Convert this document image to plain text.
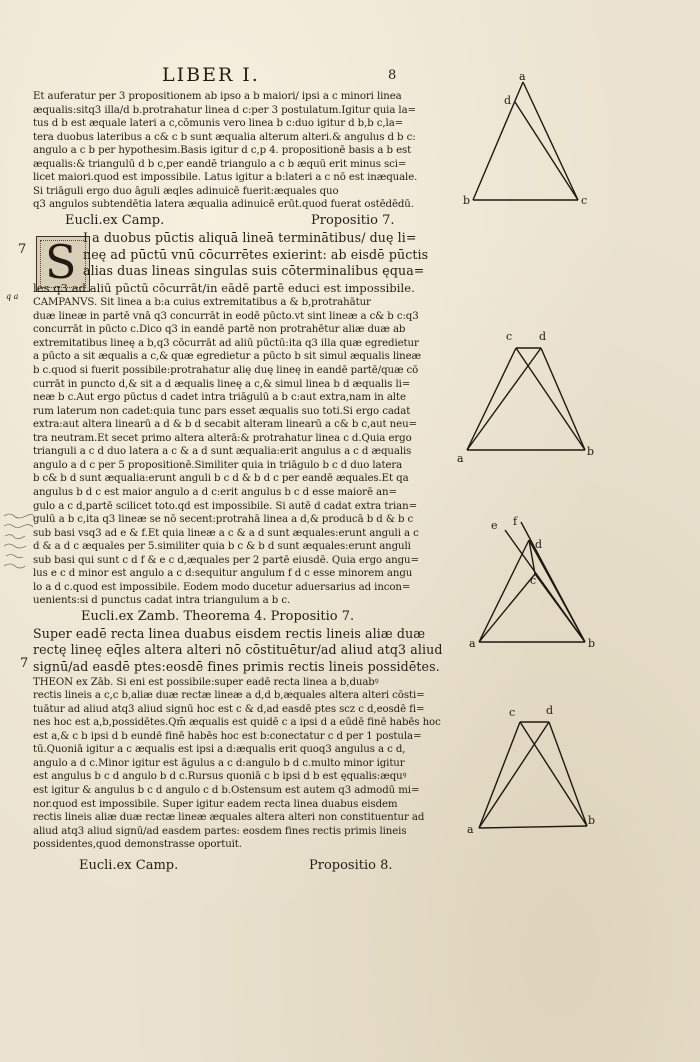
LIBER I.	8
7
7
q a
S
Et auferatur per 3 propositionem ab ipso a b maiori/ ipsi a c minori linea
æqualis:sitq3 illa/d b.protrahatur linea d c:per 3 postulatum.Igitur quia la=
tus d b est æquale lateri a c,cōmunis vero linea b c:duo igitur d b,b c,la=
tera duobus lateribus a c& c b sunt æqualia alterum alteri.& angulus d b c:
angulo a c b per hypothesim.Basis igitur d c,p 4. propositionē basis a b est
æqualis:& triangulū d b c,per eandē triangulo a c b æquū erit minus sci=
licet maiori.quod est impossibile. Latus igitur a b:lateri a c nō est inæquale.
Si triāguli ergo duo āguli æqles adinuicē fuerit:æquales quo
q3 angulos subtendētia latera æqualia adinuicē erūt.quod fuerat ostēdēdū.
Eucli.ex Camp.	Propositio 7.
I a duobus pūctis aliquā lineā terminātibus/ duę li=
neę ad pūctū vnū cōcurrētes exierint: ab eisdē pūctis
alias duas lineas singulas suis cōterminalibus ęqua=
les q3 ad aliū pūctū cōcurrāt/in eādē partē educi est impossibile.
CAMPANVS. Sit linea a b:a cuius extremitatibus a & b,protrahātur
duæ lineæ in partē vnā q3 concurrāt in eodē pūcto.vt sint lineæ a c& b c:q3
concurrāt in pūcto c.Dico q3 in eandē partē non protrahētur aliæ duæ ab
extremitatibus lineę a b,q3 cōcurrāt ad aliū pūctū:ita q3 illa quæ egredietur
a pūcto a sit æqualis a c,& quæ egredietur a pūcto b sit simul æqualis lineæ
b c.quod si fuerit possibile:protrahatur alię duę lineę in eandē partē/quæ cō
currāt in puncto d,& sit a d æqualis lineę a c,& simul linea b d æqualis li=
neæ b c.Aut ergo pūctus d cadet intra triāgulū a b c:aut extra,nam in alte
rum laterum non cadet:quia tunc pars esset æqualis suo toti.Si ergo cadat
extra:aut altera linearū a d & b d secabit alteram linearū a c& b c,aut neu=
tra neutram.Et secet primo altera alterā:& protrahatur linea c d.Quia ergo
trianguli a c d duo latera a c & a d sunt æqualia:erit angulus a c d æqualis
angulo a d c per 5 propositionē.Similiter quia in triāgulo b c d duo latera
b c& b d sunt æqualia:erunt anguli b c d & b d c per eandē æquales.Et qa
angulus b d c est maior angulo a d c:erit angulus b c d esse maiorē an=
gulo a c d,partē scilicet toto.qd est impossibile. Si autē d cadat extra trian=
gulū a b c,ita q3 lineæ se nō secent:protrahā linea a d,& producā b d & b c
sub basi vsq3 ad e & f.Et quia lineæ a c & a d sunt æquales:erunt anguli a c
d & a d c æquales per 5.similiter quia b c & b d sunt æquales:erunt anguli
sub basi qui sunt c d f & e c d,æquales per 2 partē eiusdē. Quia ergo angu=
lus e c d minor est angulo a c d:sequitur angulum f d c esse minorem angu
lo a d c.quod est impossibile. Eodem modo ducetur aduersarius ad incon=
uenients:si d punctus cadat intra triangulum a b c.
Eucli.ex Zamb. Theorema 4. Propositio 7.
Super eadē recta linea duabus eisdem rectis lineis aliæ duæ
rectę lineę eq̄les altera alteri nō cōstituētur/ad aliud atq3 aliud
signū/ad easdē ptes:eosdē fines primis rectis lineis possidētes.
THEON ex Zāb. Si eni est possibile:super eadē recta linea a b,duabꝰ
rectis lineis a c,c b,aliæ duæ rectæ lineæ a d,d b,æquales altera alteri cōsti=
tuātur ad aliud atq3 aliud signū hoc est c & d,ad easdē ptes scz c d,eosdē fi=
nes hoc est a,b,possidētes.Qm̄ æqualis est quidē c a ipsi d a eūdē finē habēs hoc
est a,& c b ipsi d b eundē finē habēs hoc est b:conectatur c d per 1 postula=
tū.Quoniā igitur a c æqualis est ipsi a d:æqualis erit quoq3 angulus a c d,
angulo a d c.Minor igitur est āgulus a c d:angulo b d c.multo minor igitur
est angulus b c d angulo b d c.Rursus quoniā c b ipsi d b est ęqualis:æquꝰ
est igitur & angulus b c d angulo c d b.Ostensum est autem q3 admodū mi=
nor.quod est impossibile. Super igitur eadem recta linea duabus eisdem
rectis lineis aliæ duæ rectæ lineæ æquales altera alteri non constituentur ad
aliud atq3 aliud signū/ad easdem partes: eosdem fines rectis primis lineis
possidentes,quod demonstrasse oportuit.
Eucli.ex Camp.	Propositio 8.
a
d
b	c
c d
a
b
e f
d
c
a	b
c	d
a
b
